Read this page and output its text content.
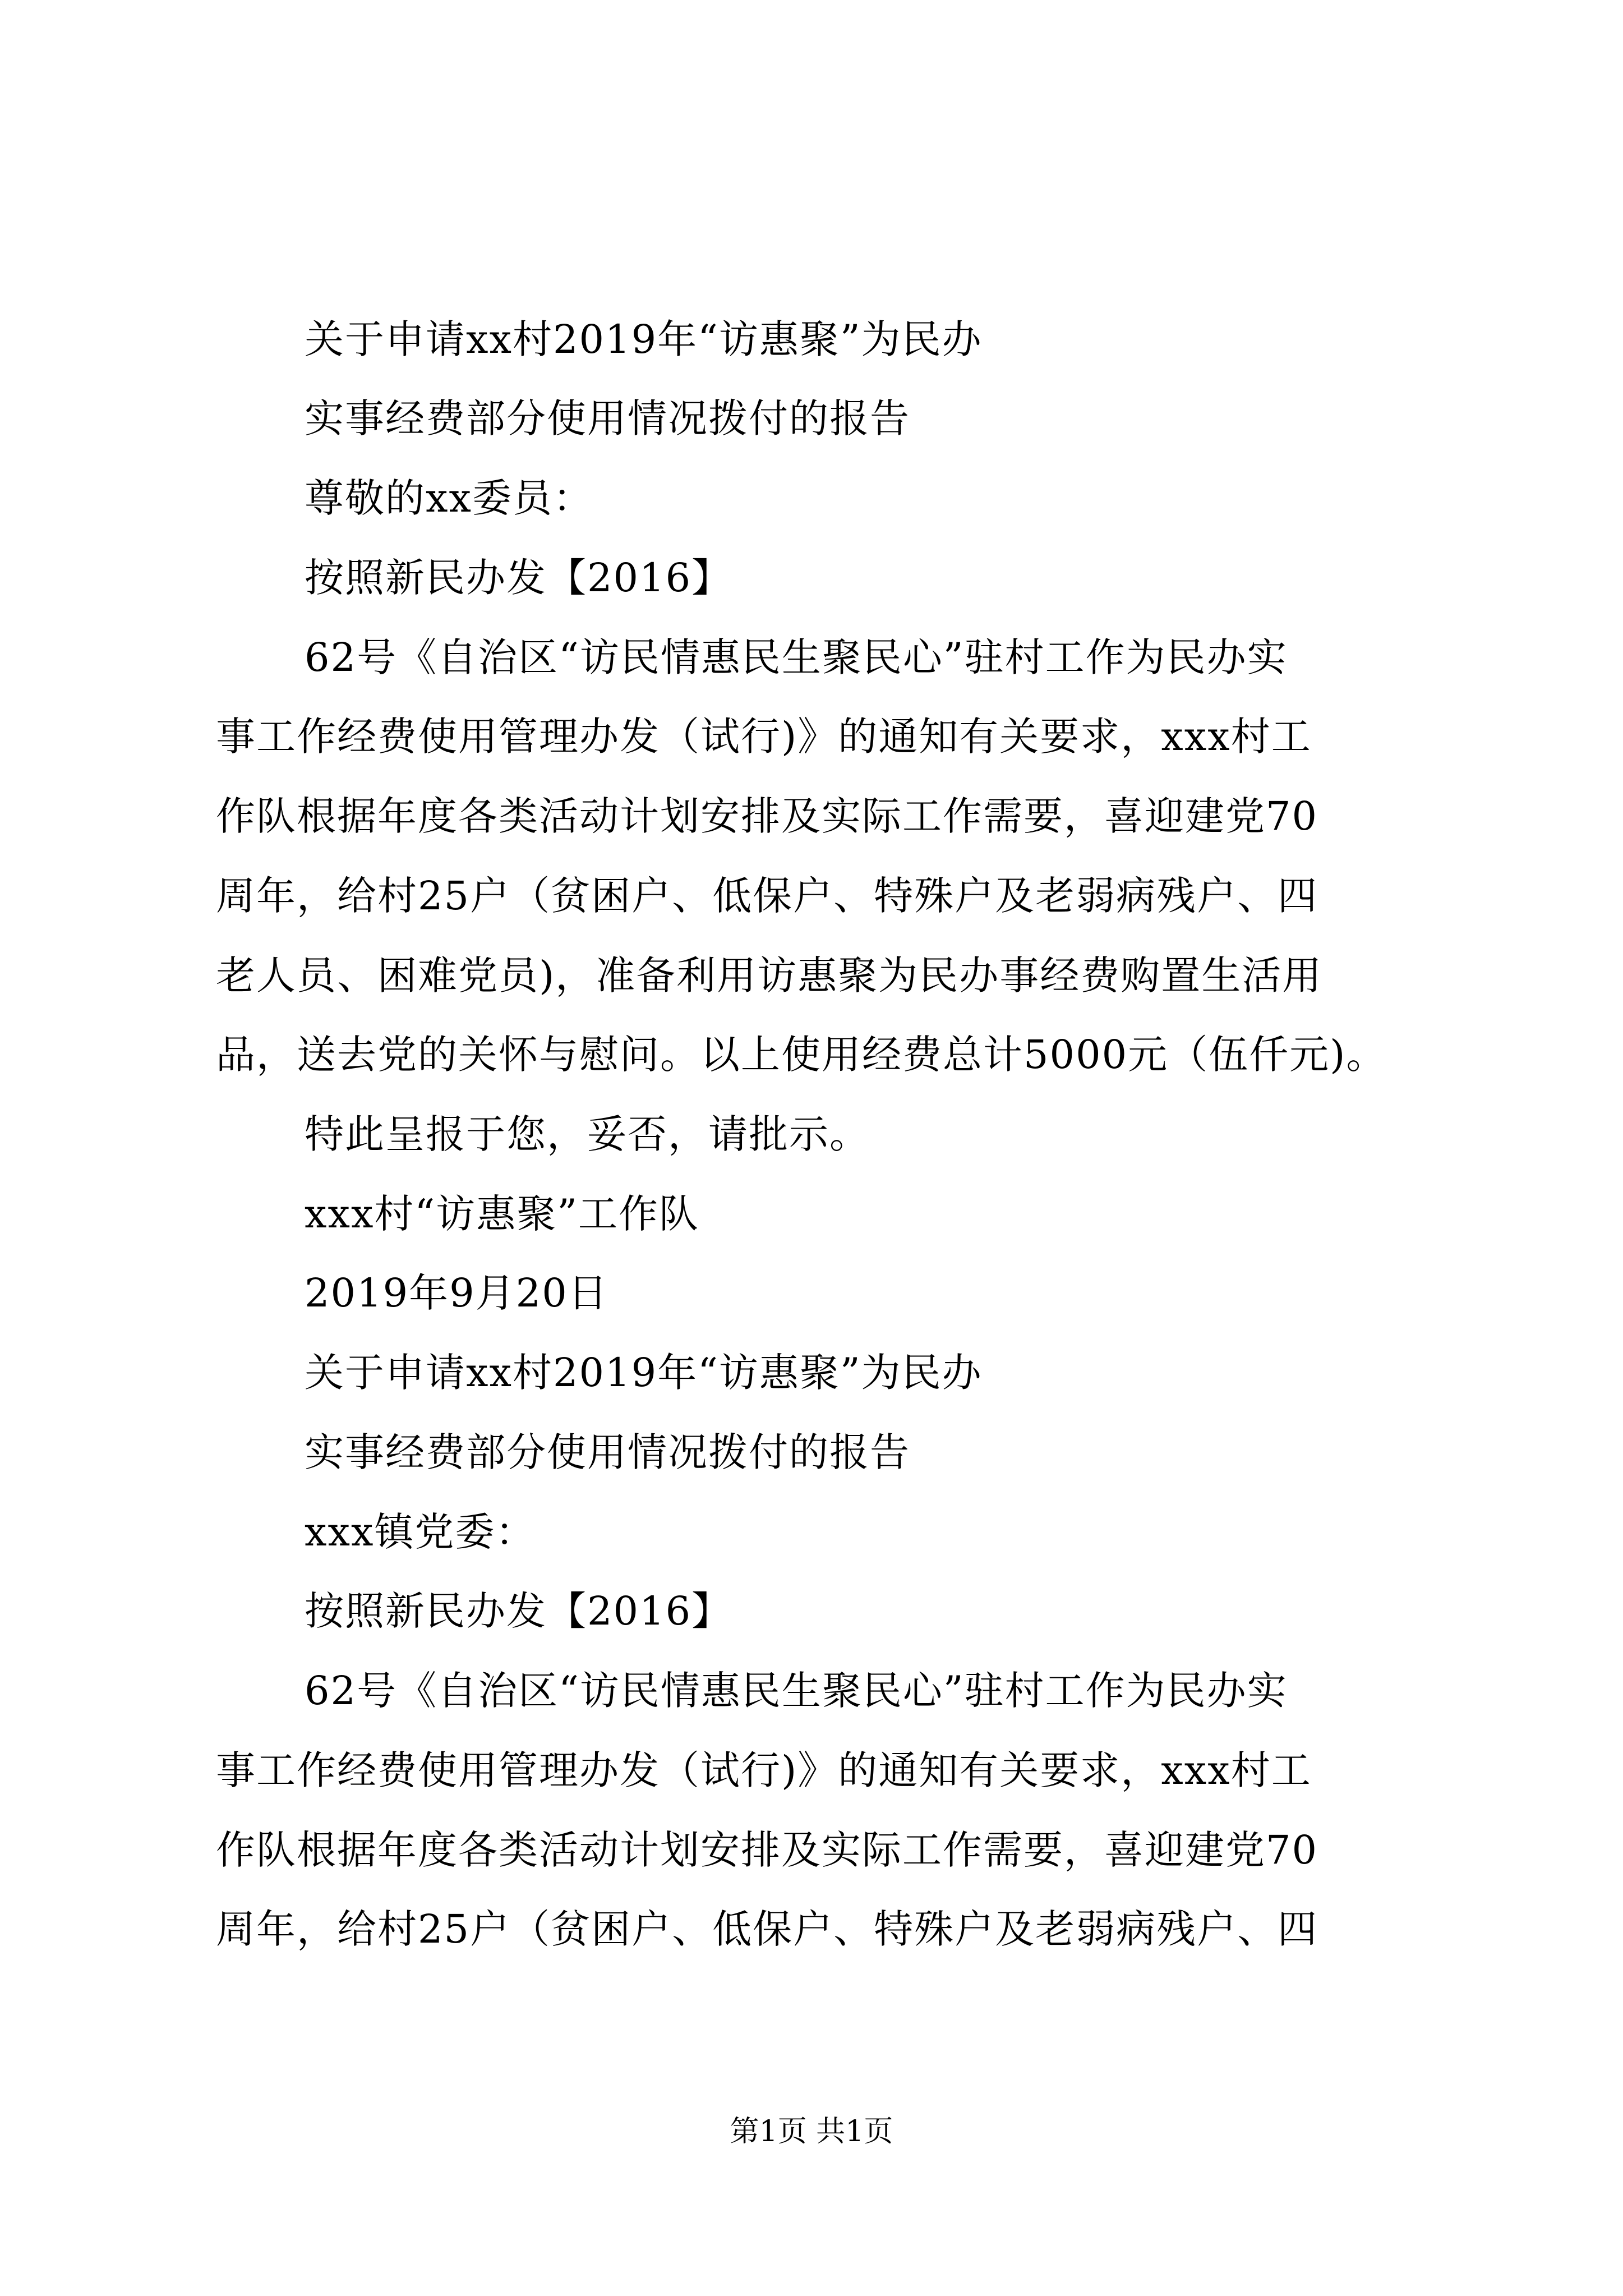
关于申请xx村2019年“访惠聚”为民办
实事经费部分使用情况拨付的报告
尊敬的xx委员：
按照新民办发【2016】
62号《自治区“访民情惠民生聚民心”驻村工作为民办实
事工作经费使用管理办发（试行)》的通知有关要求，xxx村工
作队根据年度各类活动计划安排及实际工作需要，喜迎建党70
周年，给村25户（贫困户、低保户、特殊户及老弱病残户、四
老人员、困难党员)，准备利用访惠聚为民办事经费购置生活用
品，送去党的关怀与慰问。以上使用经费总计5000元（伍仟元)。
特此呈报于您，妥否，请批示。
xxx村“访惠聚”工作队
2019年9月20日
关于申请xx村2019年“访惠聚”为民办
实事经费部分使用情况拨付的报告
xxx镇党委：
按照新民办发【2016】
62号《自治区“访民情惠民生聚民心”驻村工作为民办实
事工作经费使用管理办发（试行)》的通知有关要求，xxx村工
作队根据年度各类活动计划安排及实际工作需要，喜迎建党70
周年，给村25户（贫困户、低保户、特殊户及老弱病残户、四
第1页 共1页
